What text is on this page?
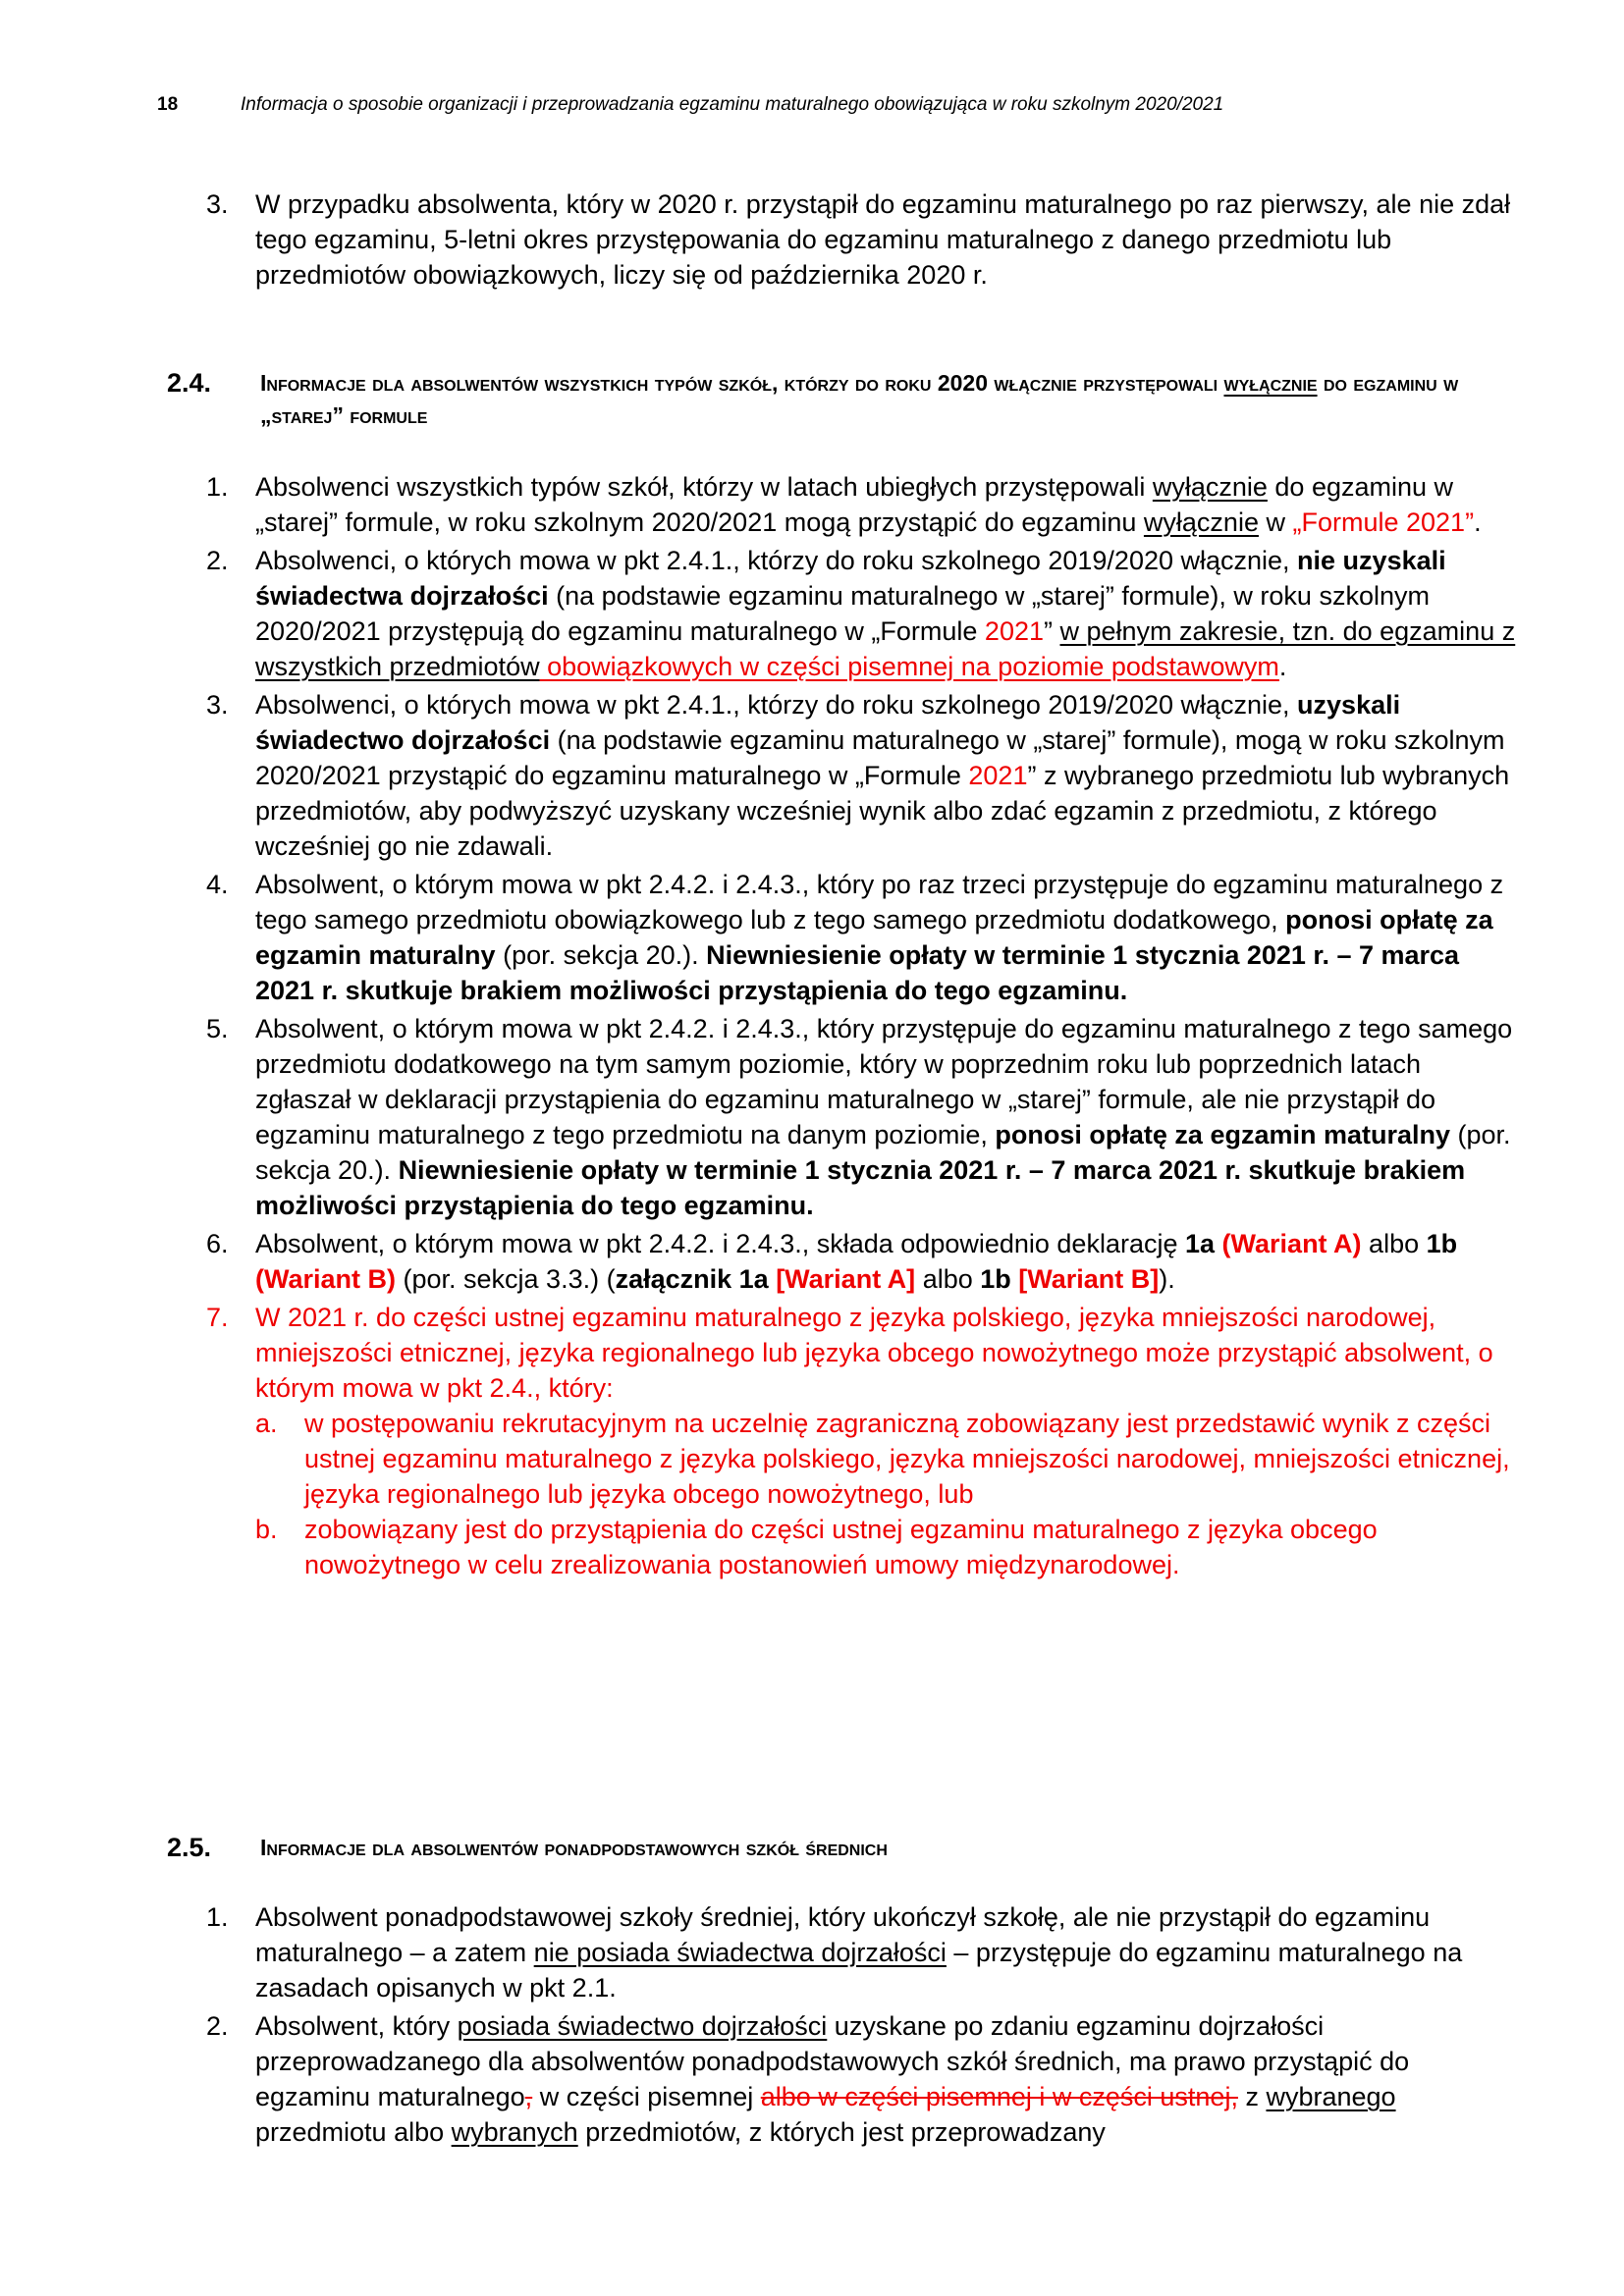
18	Informacja o sposobie organizacji i przeprowadzania egzaminu maturalnego obowiązująca w roku szkolnym 2020/2021
3. W przypadku absolwenta, który w 2020 r. przystąpił do egzaminu maturalnego po raz pierwszy, ale nie zdał tego egzaminu, 5-letni okres przystępowania do egzaminu maturalnego z danego przedmiotu lub przedmiotów obowiązkowych, liczy się od października 2020 r.
2.4. Informacje dla absolwentów wszystkich typów szkół, którzy do roku 2020 włącznie przystępowali wyłącznie do egzaminu w „starej” formule
1. Absolwenci wszystkich typów szkół, którzy w latach ubiegłych przystępowali wyłącznie do egzaminu w „starej” formule, w roku szkolnym 2020/2021 mogą przystąpić do egzaminu wyłącznie w „Formule 2021”.
2. Absolwenci, o których mowa w pkt 2.4.1., którzy do roku szkolnego 2019/2020 włącznie, nie uzyskali świadectwa dojrzałości (na podstawie egzaminu maturalnego w „starej” formule), w roku szkolnym 2020/2021 przystępują do egzaminu maturalnego w „Formule 2021” w pełnym zakresie, tzn. do egzaminu z wszystkich przedmiotów obowiązkowych w części pisemnej na poziomie podstawowym.
3. Absolwenci, o których mowa w pkt 2.4.1., którzy do roku szkolnego 2019/2020 włącznie, uzyskali świadectwo dojrzałości (na podstawie egzaminu maturalnego w „starej” formule), mogą w roku szkolnym 2020/2021 przystąpić do egzaminu maturalnego w „Formule 2021” z wybranego przedmiotu lub wybranych przedmiotów, aby podwyższyć uzyskany wcześniej wynik albo zdać egzamin z przedmiotu, z którego wcześniej go nie zdawali.
4. Absolwent, o którym mowa w pkt 2.4.2. i 2.4.3., który po raz trzeci przystępuje do egzaminu maturalnego z tego samego przedmiotu obowiązkowego lub z tego samego przedmiotu dodatkowego, ponosi opłatę za egzamin maturalny (por. sekcja 20.). Niewniesienie opłaty w terminie 1 stycznia 2021 r. – 7 marca 2021 r. skutkuje brakiem możliwości przystąpienia do tego egzaminu.
5. Absolwent, o którym mowa w pkt 2.4.2. i 2.4.3., który przystępuje do egzaminu maturalnego z tego samego przedmiotu dodatkowego na tym samym poziomie, który w poprzednim roku lub poprzednich latach zgłaszał w deklaracji przystąpienia do egzaminu maturalnego w „starej” formule, ale nie przystąpił do egzaminu maturalnego z tego przedmiotu na danym poziomie, ponosi opłatę za egzamin maturalny (por. sekcja 20.). Niewniesienie opłaty w terminie 1 stycznia 2021 r. – 7 marca 2021 r. skutkuje brakiem możliwości przystąpienia do tego egzaminu.
6. Absolwent, o którym mowa w pkt 2.4.2. i 2.4.3., składa odpowiednio deklarację 1a (Wariant A) albo 1b (Wariant B) (por. sekcja 3.3.) (załącznik 1a [Wariant A] albo 1b [Wariant B]).
7. W 2021 r. do części ustnej egzaminu maturalnego z języka polskiego, języka mniejszości narodowej, mniejszości etnicznej, języka regionalnego lub języka obcego nowożytnego może przystąpić absolwent, o którym mowa w pkt 2.4., który:
a. w postępowaniu rekrutacyjnym na uczelnię zagraniczną zobowiązany jest przedstawić wynik z części ustnej egzaminu maturalnego z języka polskiego, języka mniejszości narodowej, mniejszości etnicznej, języka regionalnego lub języka obcego nowożytnego, lub
b. zobowiązany jest do przystąpienia do części ustnej egzaminu maturalnego z języka obcego nowożytnego w celu zrealizowania postanowień umowy międzynarodowej.
2.5. Informacje dla absolwentów ponadpodstawowych szkół średnich
1. Absolwent ponadpodstawowej szkoły średniej, który ukończył szkołę, ale nie przystąpił do egzaminu maturalnego – a zatem nie posiada świadectwa dojrzałości – przystępuje do egzaminu maturalnego na zasadach opisanych w pkt 2.1.
2. Absolwent, który posiada świadectwo dojrzałości uzyskane po zdaniu egzaminu dojrzałości przeprowadzanego dla absolwentów ponadpodstawowych szkół średnich, ma prawo przystąpić do egzaminu maturalnego, w części pisemnej albo w części pisemnej i w części ustnej, z wybranego przedmiotu albo wybranych przedmiotów, z których jest przeprowadzany
